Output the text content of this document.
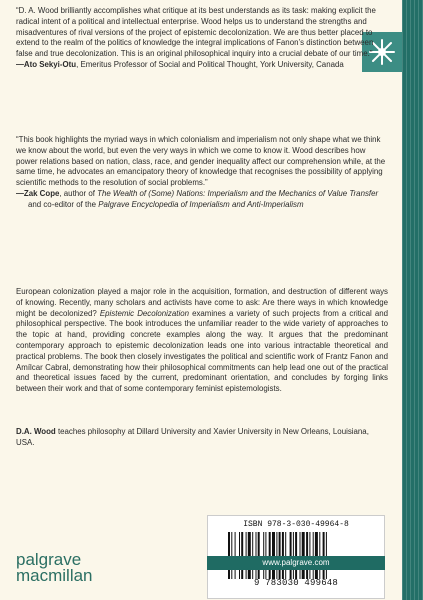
“D. A. Wood brilliantly accomplishes what critique at its best understands as its task: making explicit the radical intent of a political and intellectual enterprise. Wood helps us to understand the strengths and misadventures of rival versions of the project of epistemic decolonization. We are thus better placed to extend to the realm of the politics of knowledge the integral implications of Fanon’s distinction between false and true decolonization. This is an original philosophical inquiry into a crucial debate of our time.”
—Ato Sekyi-Otu, Emeritus Professor of Social and Political Thought, York University, Canada
“This book highlights the myriad ways in which colonialism and imperialism not only shape what we think we know about the world, but even the very ways in which we come to know it. Wood describes how power relations based on nation, class, race, and gender inequality affect our comprehension while, at the same time, he advocates an emancipatory theory of knowledge that recognises the possibility of applying scientific methods to the resolution of social problems.”
—Zak Cope, author of The Wealth of (Some) Nations: Imperialism and the Mechanics of Value Transfer and co-editor of the Palgrave Encyclopedia of Imperialism and Anti-Imperialism
European colonization played a major role in the acquisition, formation, and destruction of different ways of knowing. Recently, many scholars and activists have come to ask: Are there ways in which knowledge might be decolonized? Epistemic Decolonization examines a variety of such projects from a critical and philosophical perspective. The book introduces the unfamiliar reader to the wide variety of approaches to the topic at hand, providing concrete examples along the way. It argues that the predominant contemporary approach to epistemic decolonization leads one into various intractable theoretical and practical problems. The book then closely investigates the political and scientific work of Frantz Fanon and Amílcar Cabral, demonstrating how their philosophical commitments can help lead one out of the practical and theoretical issues faced by the current, predominant orientation, and concludes by forging links between their work and that of some contemporary feminist epistemologists.
D.A. Wood teaches philosophy at Dillard University and Xavier University in New Orleans, Louisiana, USA.
palgrave
macmillan
ISBN 978-3-030-49964-8
9 783030 499648
www.palgrave.com
